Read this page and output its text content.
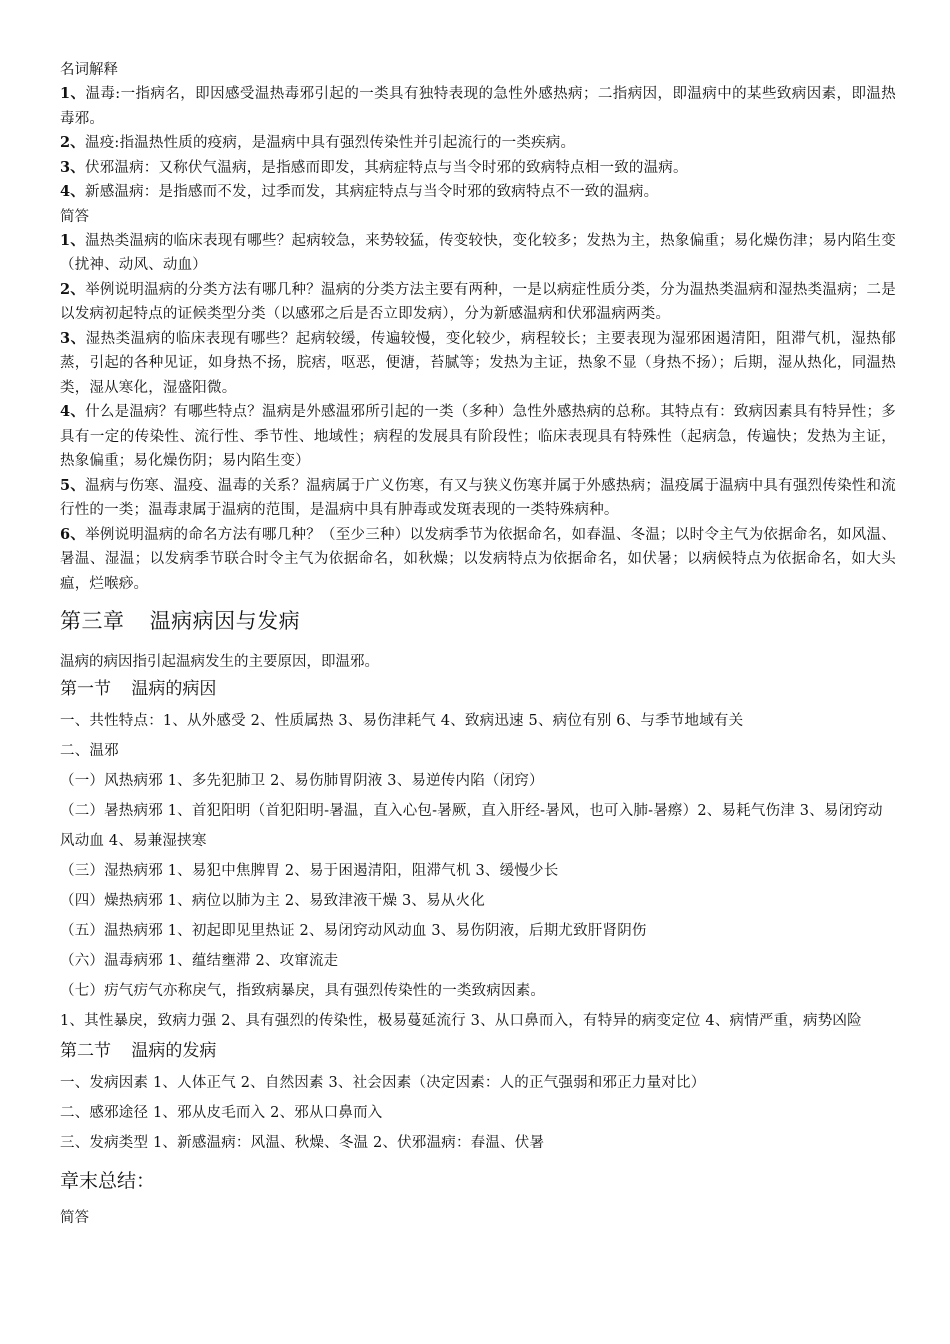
名词解释

1、温毒:一指病名，即因感受温热毒邪引起的一类具有独特表现的急性外感热病；二指病因，即温病中的某些致病因素，即温热毒邪。

2、温疫:指温热性质的疫病，是温病中具有强烈传染性并引起流行的一类疾病。

3、伏邪温病：又称伏气温病，是指感而即发，其病症特点与当令时邪的致病特点相一致的温病。

4、新感温病：是指感而不发，过季而发，其病症特点与当令时邪的致病特点不一致的温病。

简答

1、温热类温病的临床表现有哪些？起病较急，来势较猛，传变较快，变化较多；发热为主，热象偏重；易化燥伤津；易内陷生变（扰神、动风、动血）

2、举例说明温病的分类方法有哪几种？温病的分类方法主要有两种，一是以病症性质分类，分为温热类温病和湿热类温病；二是以发病初起特点的证候类型分类（以感邪之后是否立即发病），分为新感温病和伏邪温病两类。

3、湿热类温病的临床表现有哪些？起病较缓，传遍较慢，变化较少，病程较长；主要表现为湿邪困遏清阳，阻滞气机，湿热郁蒸，引起的各种见证，如身热不扬，脘痞，呕恶，便溏，苔腻等；发热为主证，热象不显（身热不扬）；后期，湿从热化，同温热类，湿从寒化，湿盛阳微。

4、什么是温病？有哪些特点？温病是外感温邪所引起的一类（多种）急性外感热病的总称。其特点有：致病因素具有特异性；多具有一定的传染性、流行性、季节性、地域性；病程的发展具有阶段性；临床表现具有特殊性（起病急，传遍快；发热为主证，热象偏重；易化燥伤阴；易内陷生变）

5、温病与伤寒、温疫、温毒的关系？温病属于广义伤寒，有又与狭义伤寒并属于外感热病；温疫属于温病中具有强烈传染性和流行性的一类；温毒隶属于温病的范围，是温病中具有肿毒或发斑表现的一类特殊病种。

6、举例说明温病的命名方法有哪几种？（至少三种）以发病季节为依据命名，如春温、冬温；以时令主气为依据命名，如风温、暑温、湿温；以发病季节联合时令主气为依据命名，如秋燥；以发病特点为依据命名，如伏暑；以病候特点为依据命名，如大头瘟，烂喉痧。

第三章 温病病因与发病

温病的病因指引起温病发生的主要原因，即温邪。

第一节 温病的病因

一、共性特点：1、从外感受 2、性质属热 3、易伤津耗气 4、致病迅速 5、病位有别 6、与季节地域有关

二、温邪

（一）风热病邪 1、多先犯肺卫 2、易伤肺胃阴液 3、易逆传内陷（闭窍）

（二）暑热病邪 1、首犯阳明（首犯阳明-暑温，直入心包-暑厥，直入肝经-暑风，也可入肺-暑瘵）2、易耗气伤津 3、易闭窍动风动血 4、易兼湿挟寒

（三）湿热病邪 1、易犯中焦脾胃 2、易于困遏清阳，阻滞气机 3、缓慢少长

（四）燥热病邪 1、病位以肺为主 2、易致津液干燥 3、易从火化

（五）温热病邪 1、初起即见里热证 2、易闭窍动风动血 3、易伤阴液，后期尤致肝肾阴伤

（六）温毒病邪 1、蕴结壅滞 2、攻窜流走

（七）疠气疠气亦称戾气，指致病暴戾，具有强烈传染性的一类致病因素。

1、其性暴戾，致病力强 2、具有强烈的传染性，极易蔓延流行 3、从口鼻而入，有特异的病变定位 4、病情严重，病势凶险

第二节 温病的发病

一、发病因素 1、人体正气 2、自然因素 3、社会因素（决定因素：人的正气强弱和邪正力量对比）

二、感邪途径 1、邪从皮毛而入 2、邪从口鼻而入

三、发病类型 1、新感温病：风温、秋燥、冬温 2、伏邪温病：春温、伏暑

章末总结：

简答
